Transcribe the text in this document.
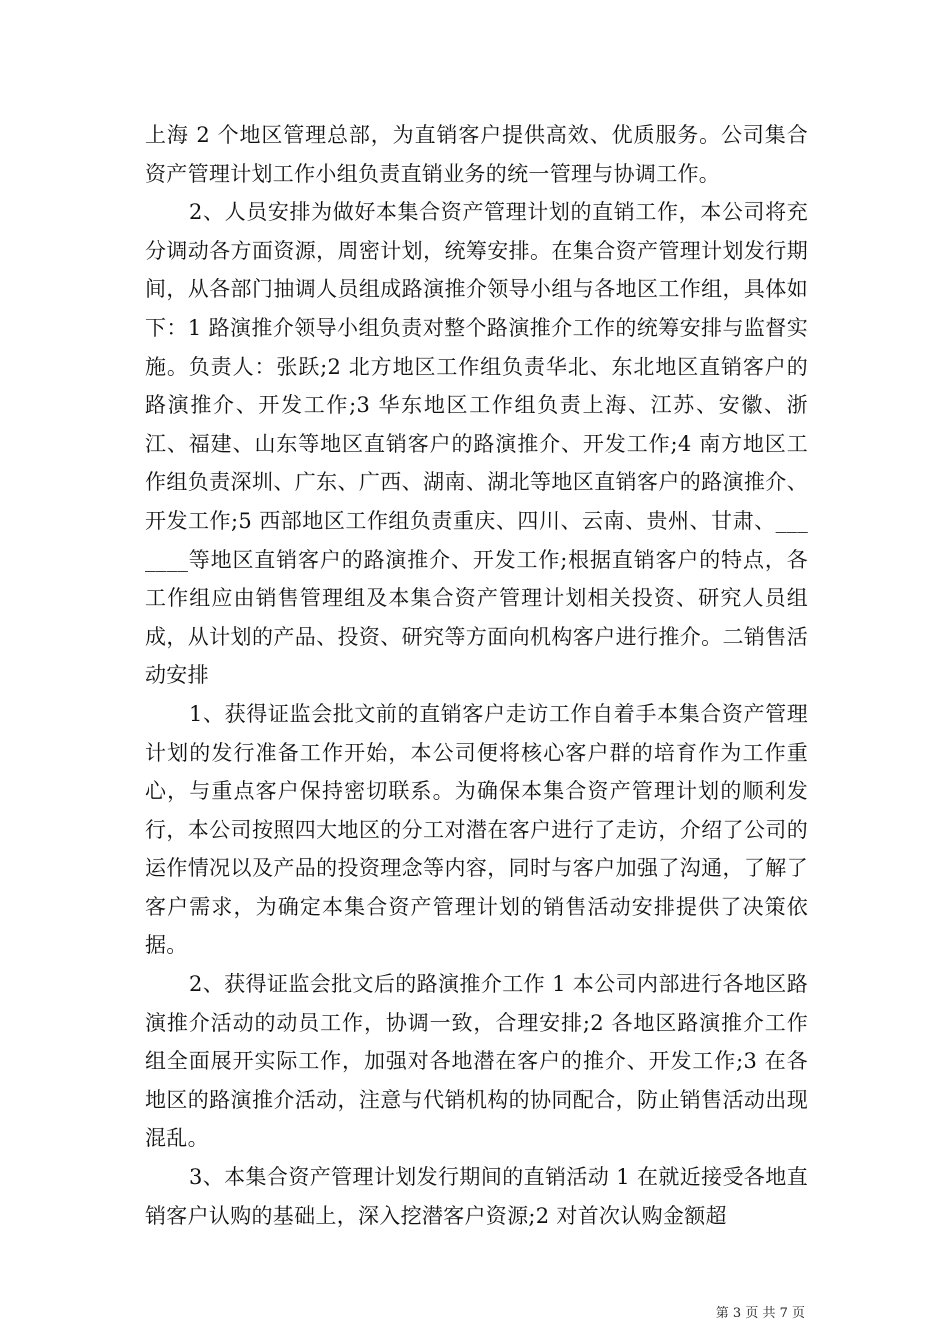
上海 2 个地区管理总部，为直销客户提供高效、优质服务。公司集合资产管理计划工作小组负责直销业务的统一管理与协调工作。

2、人员安排为做好本集合资产管理计划的直销工作，本公司将充分调动各方面资源，周密计划，统筹安排。在集合资产管理计划发行期间，从各部门抽调人员组成路演推介领导小组与各地区工作组，具体如下：1 路演推介领导小组负责对整个路演推介工作的统筹安排与监督实施。负责人：张跃;2 北方地区工作组负责华北、东北地区直销客户的路演推介、开发工作;3 华东地区工作组负责上海、江苏、安徽、浙江、福建、山东等地区直销客户的路演推介、开发工作;4 南方地区工作组负责深圳、广东、广西、湖南、湖北等地区直销客户的路演推介、开发工作;5 西部地区工作组负责重庆、四川、云南、贵州、甘肃、_______等地区直销客户的路演推介、开发工作;根据直销客户的特点，各工作组应由销售管理组及本集合资产管理计划相关投资、研究人员组成，从计划的产品、投资、研究等方面向机构客户进行推介。二销售活动安排

1、获得证监会批文前的直销客户走访工作自着手本集合资产管理计划的发行准备工作开始，本公司便将核心客户群的培育作为工作重心，与重点客户保持密切联系。为确保本集合资产管理计划的顺利发行，本公司按照四大地区的分工对潜在客户进行了走访，介绍了公司的运作情况以及产品的投资理念等内容，同时与客户加强了沟通，了解了客户需求，为确定本集合资产管理计划的销售活动安排提供了决策依据。

2、获得证监会批文后的路演推介工作 1 本公司内部进行各地区路演推介活动的动员工作，协调一致，合理安排;2 各地区路演推介工作组全面展开实际工作，加强对各地潜在客户的推介、开发工作;3 在各地区的路演推介活动，注意与代销机构的协同配合，防止销售活动出现混乱。

3、本集合资产管理计划发行期间的直销活动 1 在就近接受各地直销客户认购的基础上，深入挖潜客户资源;2 对首次认购金额超

第 3 页 共 7 页
